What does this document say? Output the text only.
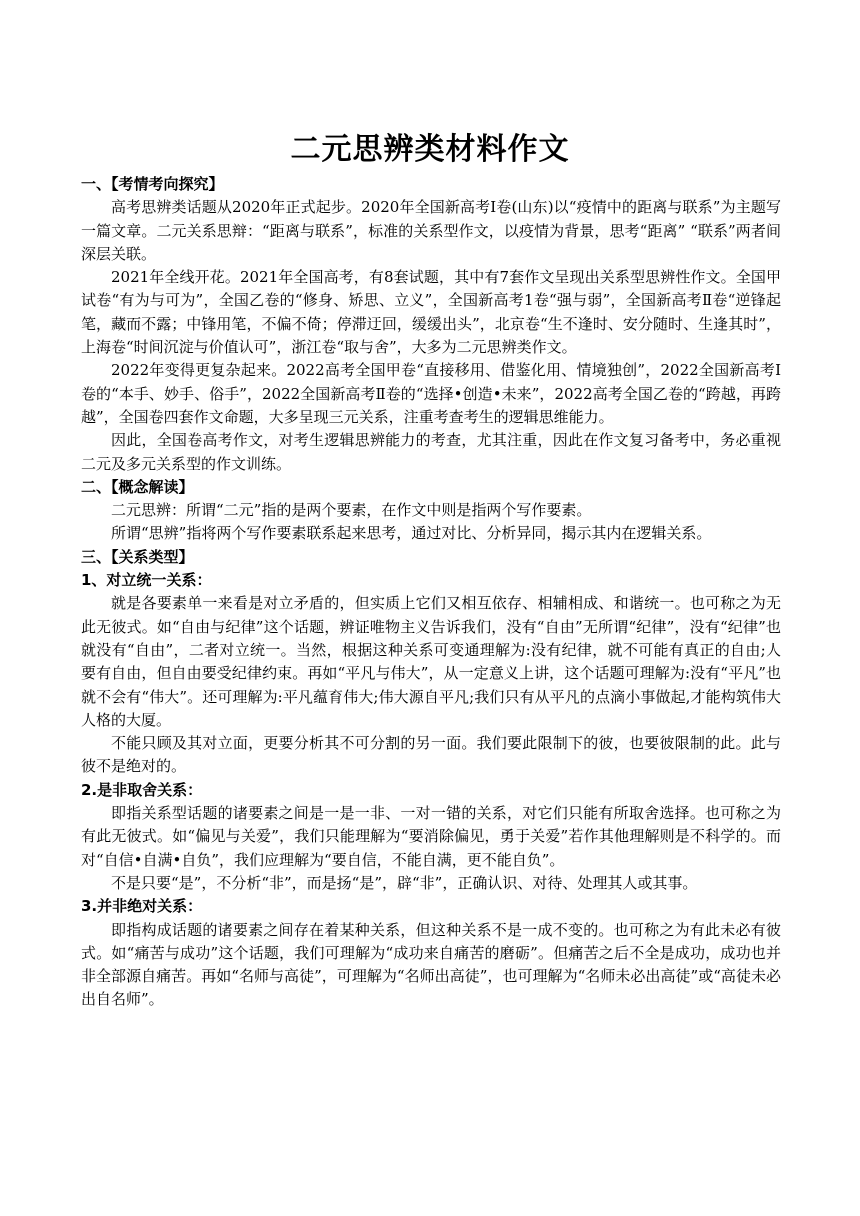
二元思辨类材料作文

一、【考情考向探究】

高考思辨类话题从2020年正式起步。2020年全国新高考Ⅰ卷(山东)以“疫情中的距离与联系”为主题写一篇文章。二元关系思辩：“距离与联系”，标准的关系型作文，以疫情为背景，思考“距离” “联系”两者间深层关联。

2021年全线开花。2021年全国高考，有8套试题，其中有7套作文呈现出关系型思辨性作文。全国甲试卷“有为与可为”，全国乙卷的“修身、矫思、立义”，全国新高考1卷“强与弱”，全国新高考Ⅱ卷“逆锋起笔，藏而不露；中锋用笔，不偏不倚；停滞迂回，缓缓出头”，北京卷“生不逢时、安分随时、生逢其时”，上海卷“时间沉淀与价值认可”，浙江卷“取与舍”，大多为二元思辨类作文。

2022年变得更复杂起来。2022高考全国甲卷“直接移用、借鉴化用、情境独创”，2022全国新高考Ⅰ卷的“本手、妙手、俗手”，2022全国新高考Ⅱ卷的“选择•创造•未来”，2022高考全国乙卷的“跨越，再跨越”，全国卷四套作文命题，大多呈现三元关系，注重考查考生的逻辑思维能力。

因此，全国卷高考作文，对考生逻辑思辨能力的考查，尤其注重，因此在作文复习备考中，务必重视二元及多元关系型的作文训练。

二、【概念解读】

二元思辨：所谓“二元”指的是两个要素，在作文中则是指两个写作要素。

所谓“思辨”指将两个写作要素联系起来思考，通过对比、分析异同，揭示其内在逻辑关系。

三、【关系类型】

1、对立统一关系：

就是各要素单一来看是对立矛盾的，但实质上它们又相互依存、相辅相成、和谐统一。也可称之为无此无彼式。如“自由与纪律”这个话题，辨证唯物主义告诉我们，没有“自由”无所谓“纪律”，没有“纪律”也就没有“自由”，二者对立统一。当然，根据这种关系可变通理解为:没有纪律，就不可能有真正的自由;人要有自由，但自由要受纪律约束。再如“平凡与伟大”，从一定意义上讲，这个话题可理解为:没有“平凡”也就不会有“伟大”。还可理解为:平凡蕴育伟大;伟大源自平凡;我们只有从平凡的点滴小事做起,才能构筑伟大人格的大厦。

不能只顾及其对立面，更要分析其不可分割的另一面。我们要此限制下的彼，也要彼限制的此。此与彼不是绝对的。

2.是非取舍关系：

即指关系型话题的诸要素之间是一是一非、一对一错的关系，对它们只能有所取舍选择。也可称之为有此无彼式。如“偏见与关爱”，我们只能理解为“要消除偏见，勇于关爱”若作其他理解则是不科学的。而对“自信•自满•自负”，我们应理解为“要自信，不能自满，更不能自负”。

不是只要“是”，不分析“非”，而是扬“是”，辟“非”，正确认识、对待、处理其人或其事。

3.并非绝对关系：

即指构成话题的诸要素之间存在着某种关系，但这种关系不是一成不变的。也可称之为有此未必有彼式。如“痛苦与成功”这个话题，我们可理解为“成功来自痛苦的磨砺”。但痛苦之后不全是成功，成功也并非全部源自痛苦。再如“名师与高徒”，可理解为“名师出高徒”，也可理解为“名师未必出高徒”或“高徒未必出自名师”。
